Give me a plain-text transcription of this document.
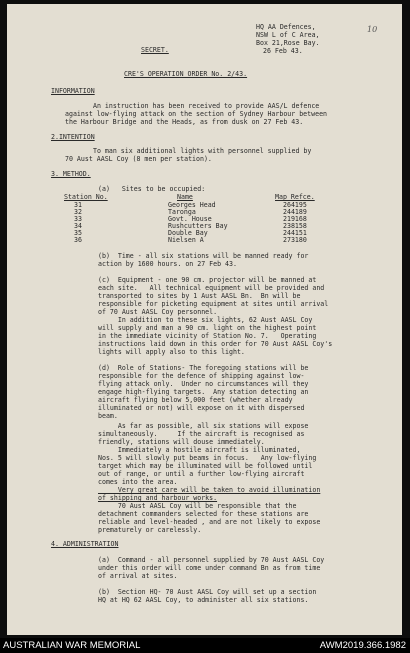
10
HQ AA Defences,
NSW L of C Area,
Box 21,Rose Bay.
26 Feb 43.
SECRET.
CRE'S OPERATION ORDER No. 2/43.
INFORMATION
An instruction has been received to provide AAS/L defence
against low-flying attack on the section of Sydney Harbour between
the Harbour Bridge and the Heads, as from dusk on 27 Feb 43.
2.INTENTION
To man six additional lights with personnel supplied by
70 Aust AASL Coy (8 men per station).
3. METHOD.
(a)   Sites to be occupied:
Station No.	Name	Map Refce.
31	Georges Head	264195
32	Taronga	244189
33	Govt. House	219168
34	Rushcutters Bay	238158
35	Double Bay	244151
36	Nielsen A	273180
(b)  Time - all six stations will be manned ready for
action by 1600 hours. on 27 Feb 43.
(c)  Equipment - one 90 cm. projector will be manned at
each site.   All technical equipment will be provided and
transported to sites by 1 Aust AASL Bn.  Bn will be
responsible for picketing equipment at sites until arrival
of 70 Aust AASL Coy personnel.
In addition to these six lights, 62 Aust AASL Coy
will supply and man a 90 cm. light on the highest point
in the immediate vicinity of Station No. 7.   Operating
instructions laid down in this order for 70 Aust AASL Coy's
lights will apply also to this light.
(d)  Role of Stations- The foregoing stations will be
responsible for the defence of shipping against low-
flying attack only.  Under no circumstances will they
engage high-flying targets.  Any station detecting an
aircraft flying below 5,000 feet (whether already
illuminated or not) will expose on it with dispersed
beam.
As far as possible, all six stations will expose
simultaneously.     If the aircraft is recognised as
friendly, stations will douse immediately.
Immediately a hostile aircraft is illuminated,
Nos. 5 will slowly put beams in focus.   Any low-flying
target which may be illuminated will be followed until
out of range, or until a further low-flying aircraft
comes into the area.
Very great care will be taken to avoid illumination
of shipping and harbour works.
70 Aust AASL Coy will be responsible that the
detachment commanders selected for these stations are
reliable and level-headed , and are not likely to expose
prematurely or carelessly.
4. ADMINISTRATION
(a)  Command - all personnel supplied by 70 Aust AASL Coy
under this order will come under command Bn as from time
of arrival at sites.
(b)  Section HQ- 70 Aust AASL Coy will set up a section
HQ at HQ 62 AASL Coy, to administer all six stations.
AUSTRALIAN WAR MEMORIAL	AWM2019.366.1982
